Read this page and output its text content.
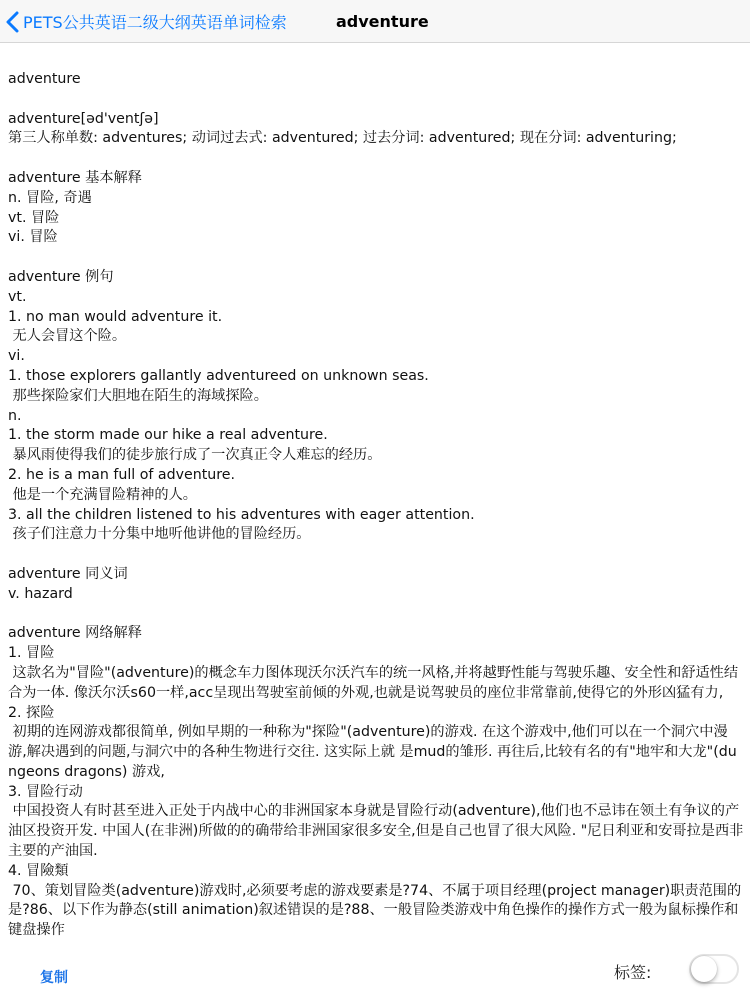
PETS公共英语二级大纲英语单词检索	adventure
adventure
adventure[əd'ventʃə]
第三人称单数: adventures; 动词过去式: adventured; 过去分词: adventured; 现在分词: adventuring;
adventure 基本解释
n. 冒险, 奇遇
vt. 冒险
vi. 冒险
adventure 例句
vt.
1. no man would adventure it.
无人会冒这个险。
vi.
1. those explorers gallantly adventureed on unknown seas.
那些探险家们大胆地在陌生的海域探险。
n.
1. the storm made our hike a real adventure.
暴风雨使得我们的徒步旅行成了一次真正令人难忘的经历。
2. he is a man full of adventure.
他是一个充满冒险精神的人。
3. all the children listened to his adventures with eager attention.
孩子们注意力十分集中地听他讲他的冒险经历。
adventure 同义词
v. hazard
adventure 网络解释
1. 冒险
这款名为"冒险"(adventure)的概念车力图体现沃尔沃汽车的统一风格,并将越野性能与驾驶乐趣、安全性和舒适性结合为一体. 像沃尔沃s60一样,acc呈现出驾驶室前倾的外观,也就是说驾驶员的座位非常靠前,使得它的外形凶猛有力,
2. 探险
初期的连网游戏都很简单, 例如早期的一种称为"探险"(adventure)的游戏. 在这个游戏中,他们可以在一个洞穴中漫游,解决遇到的问题,与洞穴中的各种生物进行交往. 这实际上就 是mud的雏形. 再往后,比较有名的有"地牢和大龙"(dungeons dragons) 游戏,
3. 冒险行动
中国投资人有时甚至进入正处于内战中心的非洲国家本身就是冒险行动(adventure),他们也不忌讳在领土有争议的产油区投资开发. 中国人(在非洲)所做的的确带给非洲国家很多安全,但是自己也冒了很大风险. "尼日利亚和安哥拉是西非主要的产油国.
4. 冒險類
70、策划冒险类(adventure)游戏时,必须要考虑的游戏要素是?74、不属于项目经理(project manager)职责范围的是?86、以下作为静态(still animation)叙述错误的是?88、一般冒险类游戏中角色操作的操作方式一般为鼠标操作和键盘操作
复制	标签:
